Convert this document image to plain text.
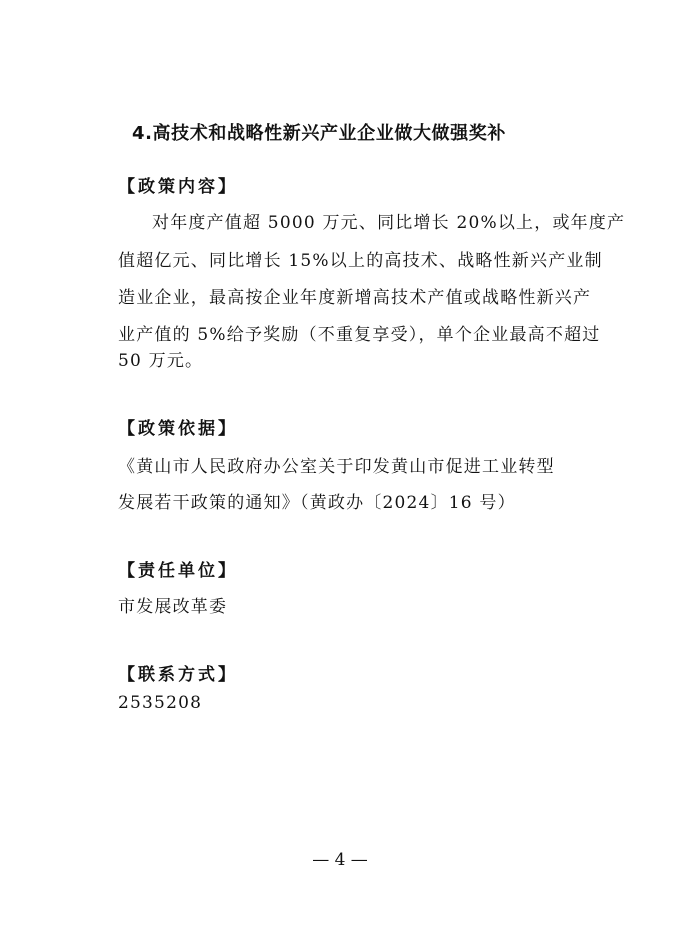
4.高技术和战略性新兴产业企业做大做强奖补
【政策内容】
对年度产值超 5000 万元、同比增长 20%以上，或年度产
值超亿元、同比增长 15%以上的高技术、战略性新兴产业制
造业企业，最高按企业年度新增高技术产值或战略性新兴产
业产值的 5%给予奖励（不重复享受），单个企业最高不超过
50 万元。
【政策依据】
《黄山市人民政府办公室关于印发黄山市促进工业转型
发展若干政策的通知》（黄政办〔2024〕16 号）
【责任单位】
市发展改革委
【联系方式】
2535208
— 4 —
